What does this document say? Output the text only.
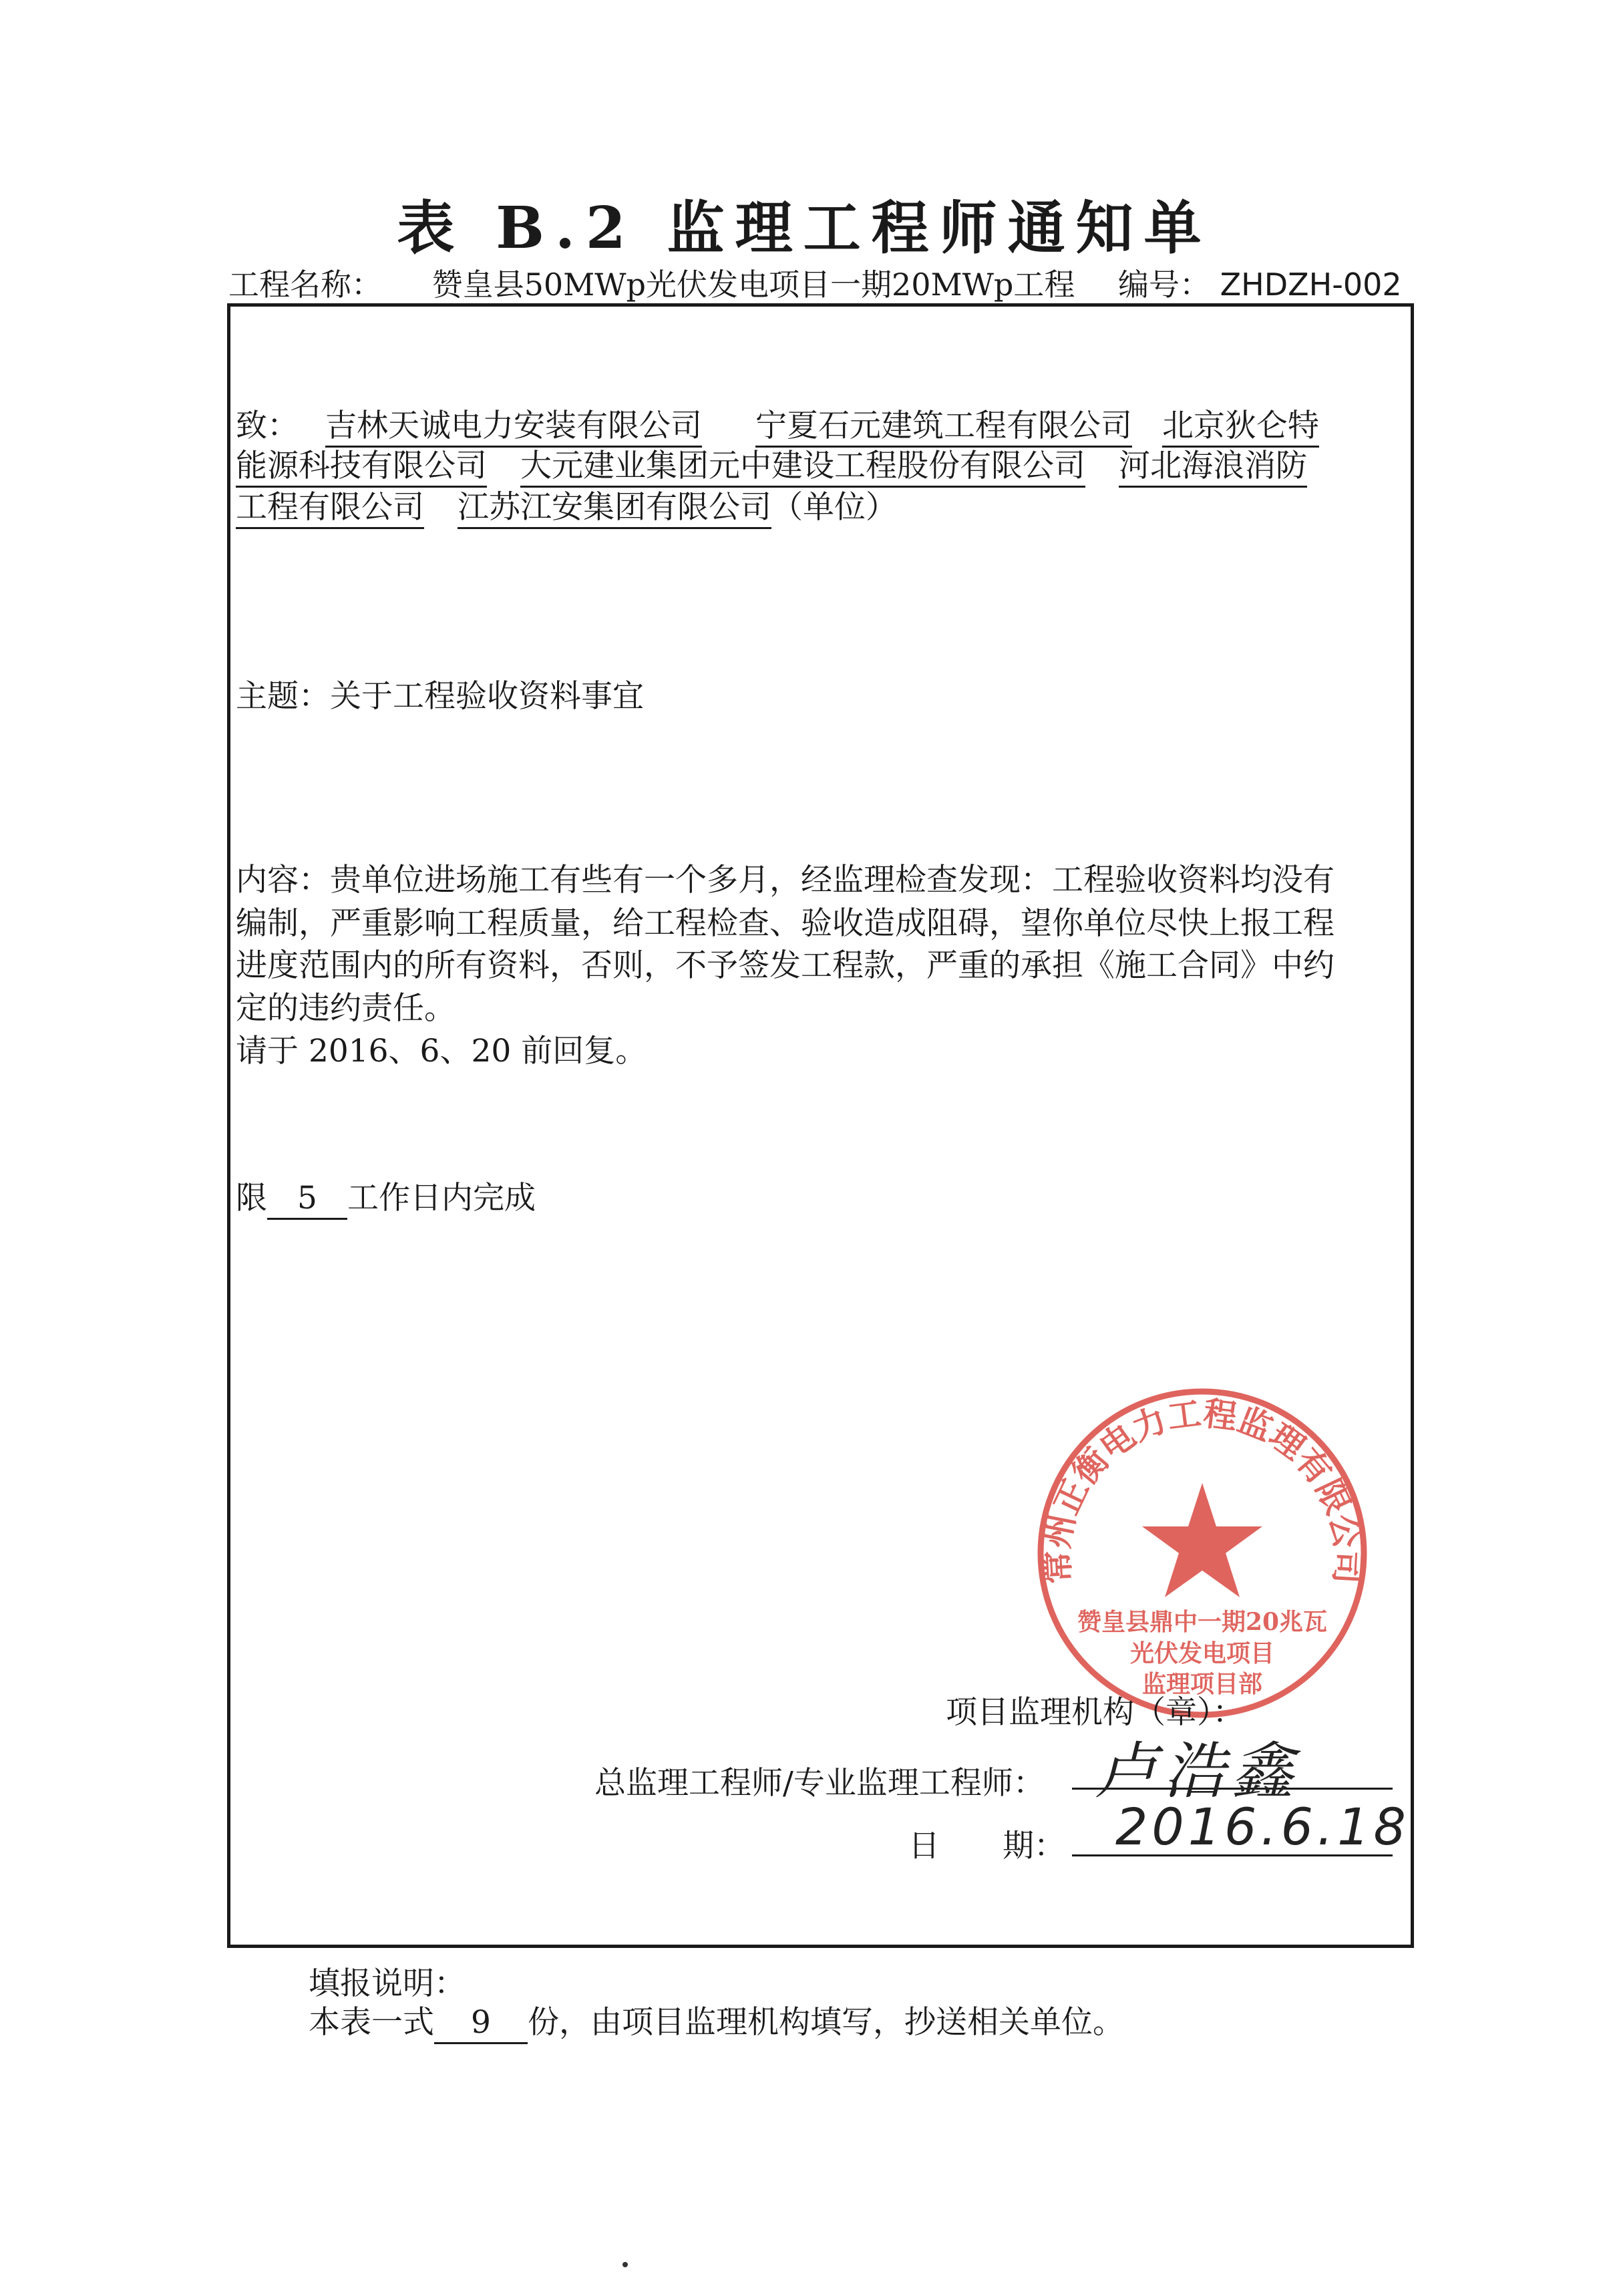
表 B.2 监理工程师通知单
工程名称： 赞皇县50MWp光伏发电项目一期20MWp工程 编号： ZHDZH-002
致： 吉林天诚电力安装有限公司 宁夏石元建筑工程有限公司 北京狄仑特
能源科技有限公司 大元建业集团元中建设工程股份有限公司 河北海浪消防
工程有限公司 江苏江安集团有限公司（单位）
主题：关于工程验收资料事宜
内容：贵单位进场施工有些有一个多月，经监理检查发现：工程验收资料均没有
编制，严重影响工程质量，给工程检查、验收造成阻碍，望你单位尽快上报工程
进度范围内的所有资料，否则，不予签发工程款，严重的承担《施工合同》中约
定的违约责任。
请于 2016、6、20 前回复。
限 5 工作日内完成
常州正衡电力工程监理有限公司
赞皇县鼎中一期20兆瓦
光伏发电项目
监理项目部
项目监理机构（章）：
总监理工程师/专业监理工程师： 卢浩鑫
日　　期： 2016.6.18
填报说明：
本表一式 9 份，由项目监理机构填写，抄送相关单位。
